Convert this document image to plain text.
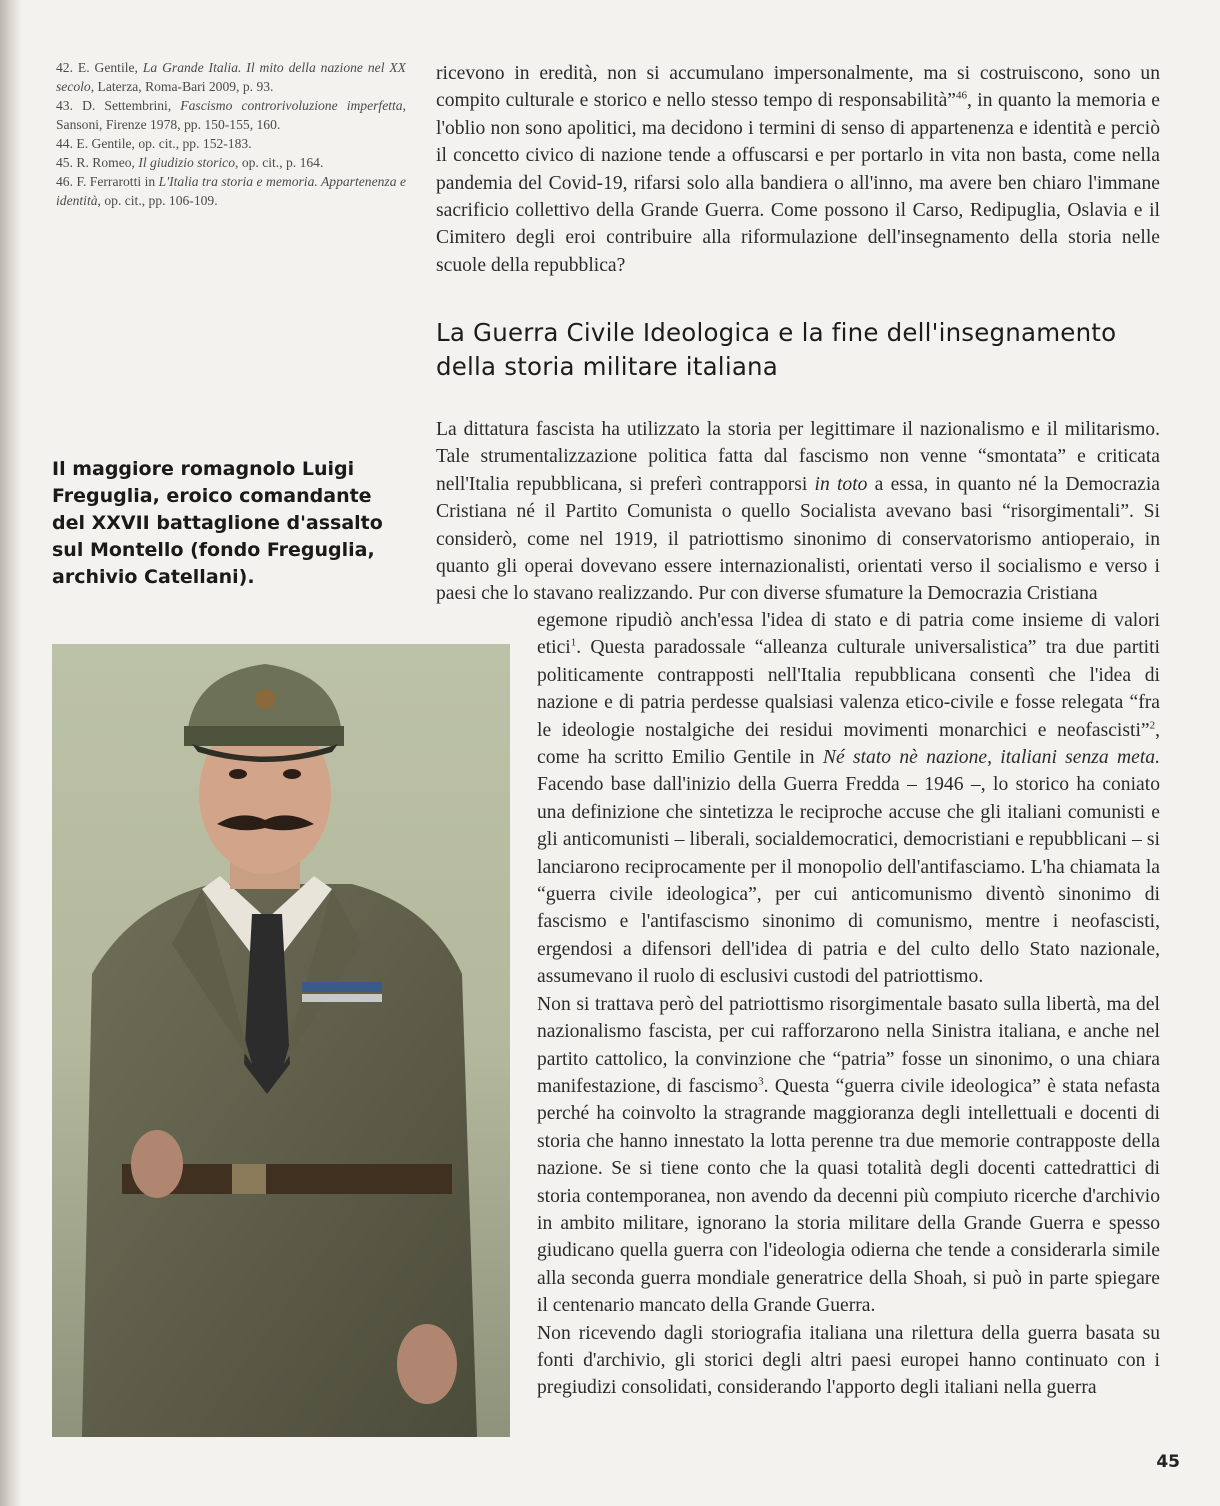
42. E. Gentile, La Grande Italia. Il mito della nazione nel XX secolo, Laterza, Roma-Bari 2009, p. 93.

43. D. Settembrini, Fascismo controrivoluzione imperfetta, Sansoni, Firenze 1978, pp. 150-155, 160.

44. E. Gentile, op. cit., pp. 152-183.

45. R. Romeo, Il giudizio storico, op. cit., p. 164.

46. F. Ferrarotti in L'Italia tra storia e memoria. Appartenenza e identità, op. cit., pp. 106-109.

ricevono in eredità, non si accumulano impersonalmente, ma si costruiscono, sono un compito culturale e storico e nello stesso tempo di responsabilità”$^{46}$, in quanto la memoria e l'oblio non sono apolitici, ma decidono i termini di senso di appartenenza e identità e perciò il concetto civico di nazione tende a offuscarsi e per portarlo in vita non basta, come nella pandemia del Covid-19, rifarsi solo alla bandiera o all'inno, ma avere ben chiaro l'immane sacrificio collettivo della Grande Guerra. Come possono il Carso, Redipuglia, Oslavia e il Cimitero degli eroi contribuire alla riformulazione dell'insegnamento della storia nelle scuole della repubblica?

La Guerra Civile Ideologica e la fine dell'insegnamento della storia militare italiana

La dittatura fascista ha utilizzato la storia per legittimare il nazionalismo e il militarismo. Tale strumentalizzazione politica fatta dal fascismo non venne “smontata” e criticata nell'Italia repubblicana, si preferì contrapporsi in toto a essa, in quanto né la Democrazia Cristiana né il Partito Comunista o quello Socialista avevano basi “risorgimentali”. Si considerò, come nel 1919, il patriottismo sinonimo di conservatorismo antioperaio, in quanto gli operai dovevano essere internazionalisti, orientati verso il socialismo e verso i paesi che lo stavano realizzando. Pur con diverse sfumature la Democrazia Cristiana

egemone ripudiò anch'essa l'idea di stato e di patria come insieme di valori etici$^1$. Questa paradossale “alleanza culturale universalistica” tra due partiti politicamente contrapposti nell'Italia repubblicana consentì che l'idea di nazione e di patria perdesse qualsiasi valenza etico-civile e fosse relegata “fra le ideologie nostalgiche dei residui movimenti monarchici e neofascisti”$^2$, come ha scritto Emilio Gentile in Né stato nè nazione, italiani senza meta. Facendo base dall'inizio della Guerra Fredda – 1946 –, lo storico ha coniato una definizione che sintetizza le reciproche accuse che gli italiani comunisti e gli anticomunisti – liberali, socialdemocratici, democristiani e repubblicani – si lanciarono reciprocamente per il monopolio dell'antifasciamo. L'ha chiamata la “guerra civile ideologica”, per cui anticomunismo diventò sinonimo di fascismo e l'antifascismo sinonimo di comunismo, mentre i neofascisti, ergendosi a difensori dell'idea di patria e del culto dello Stato nazionale, assumevano il ruolo di esclusivi custodi del patriottismo.

Non si trattava però del patriottismo risorgimentale basato sulla libertà, ma del nazionalismo fascista, per cui rafforzarono nella Sinistra italiana, e anche nel partito cattolico, la convinzione che “patria” fosse un sinonimo, o una chiara manifestazione, di fascismo$^3$. Questa “guerra civile ideologica” è stata nefasta perché ha coinvolto la stragrande maggioranza degli intellettuali e docenti di storia che hanno innestato la lotta perenne tra due memorie contrapposte della nazione. Se si tiene conto che la quasi totalità degli docenti cattedrattici di storia contemporanea, non avendo da decenni più compiuto ricerche d'archivio in ambito militare, ignorano la storia militare della Grande Guerra e spesso giudicano quella guerra con l'ideologia odierna che tende a considerarla simile alla seconda guerra mondiale generatrice della Shoah, si può in parte spiegare il centenario mancato della Grande Guerra.

Non ricevendo dagli storiografia italiana una rilettura della guerra basata su fonti d'archivio, gli storici degli altri paesi europei hanno continuato con i pregiudizi consolidati, considerando l'apporto degli italiani nella guerra

Il maggiore romagnolo Luigi Freguglia, eroico comandante del XXVII battaglione d'assalto sul Montello (fondo Freguglia, archivio Catellani).
45
